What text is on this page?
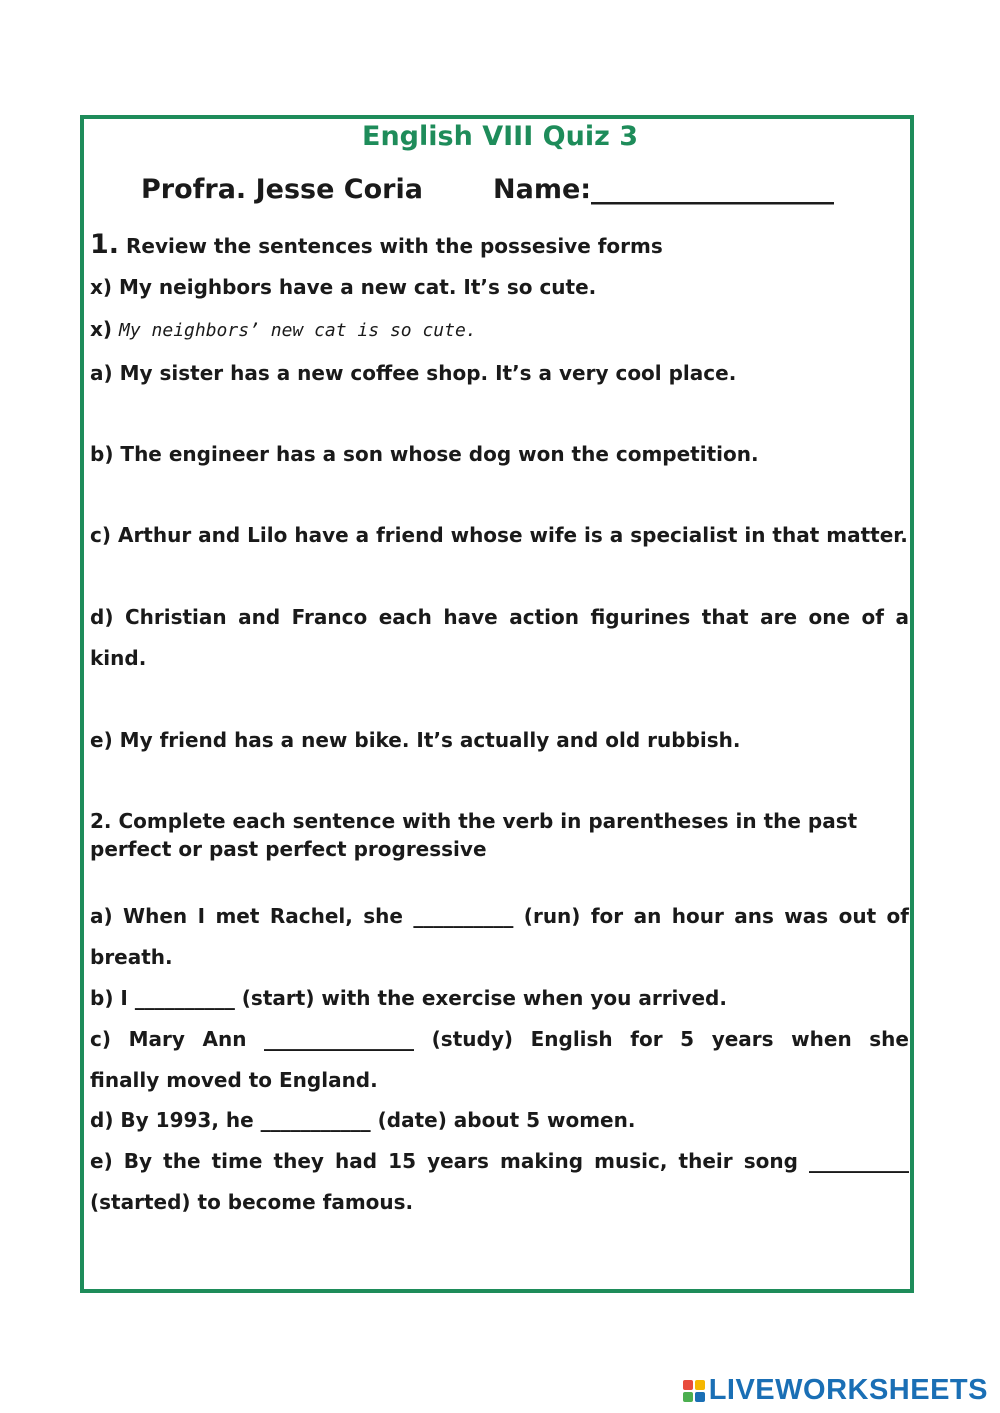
English VIII Quiz 3
Profra. Jesse Coria	Name:__________________
1. Review the sentences with the possesive forms
x) My neighbors have a new cat. It’s so cute.
x) My neighbors’ new cat is so cute.
a) My sister has a new coffee shop. It’s a very cool place.
b) The engineer has a son whose dog won the competition.
c) Arthur and Lilo have a friend whose wife is a specialist in that matter.
d) Christian and Franco each have action figurines that are one of a
kind.
e) My friend has a new bike. It’s actually and old rubbish.
2. Complete each sentence with the verb in parentheses in the past
perfect or past perfect progressive
a) When I met Rachel, she __________ (run) for an hour ans was out of
breath.
b) I __________ (start) with the exercise when you arrived.
c) Mary Ann _______________ (study) English for 5 years when she
finally moved to England.
d) By 1993, he ___________ (date) about 5 women.
e) By the time they had 15 years making music, their song __________
(started) to become famous.
LIVEWORKSHEETS
